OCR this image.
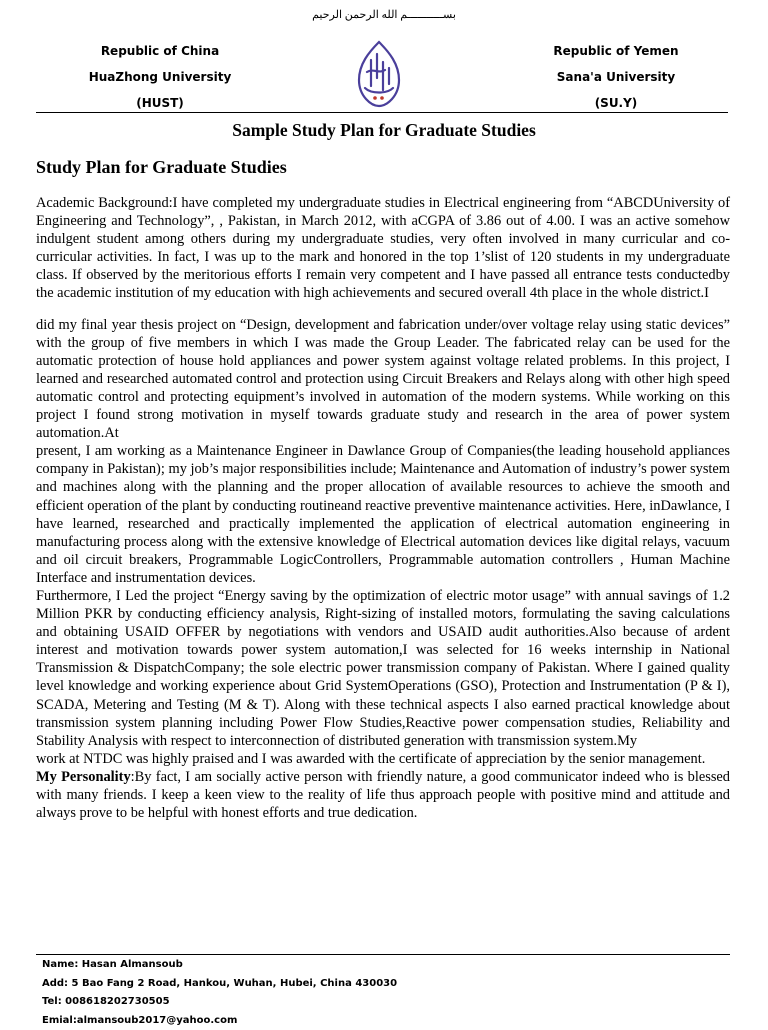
بســـــــــــم الله الرحمن الرحيم
Republic of China
HuaZhong University
(HUST)
Republic of Yemen
Sana'a University
(SU.Y)
Sample Study Plan for Graduate Studies
Study Plan for Graduate Studies

Academic Background:I have completed my undergraduate studies in Electrical engineering from “ABCDUniversity of Engineering and Technology”, , Pakistan, in March 2012, with aCGPA of 3.86 out of 4.00. I was an active somehow indulgent student among others during my undergraduate studies, very often involved in many curricular and co-curricular activities. In fact, I was up to the mark and honored in the top 1’slist of 120 students in my undergraduate class. If observed by the meritorious efforts I remain very competent and I have passed all entrance tests conductedby the academic institution of my education with high achievements and secured overall 4th place in the whole district.I

did my final year thesis project on “Design, development and fabrication under/over voltage relay using static devices” with the group of five members in which I was made the Group Leader. The fabricated relay can be used for the automatic protection of house hold appliances and power system against voltage related problems. In this project, I learned and researched automated control and protection using Circuit Breakers and Relays along with other high speed automatic control and protecting equipment’s involved in automation of the modern systems. While working on this project I found strong motivation in myself towards graduate study and research in the area of power system automation.At

present, I am working as a Maintenance Engineer in Dawlance Group of Companies(the leading household appliances company in Pakistan); my job’s major responsibilities include; Maintenance and Automation of industry’s power system and machines along with the planning and the proper allocation of available resources to achieve the smooth and efficient operation of the plant by conducting routineand reactive preventive maintenance activities. Here, inDawlance, I have learned, researched and practically implemented the application of electrical automation engineering in manufacturing process along with the extensive knowledge of Electrical automation devices like digital relays, vacuum and oil circuit breakers, Programmable LogicControllers, Programmable automation controllers , Human Machine Interface and instrumentation devices.

Furthermore, I Led the project “Energy saving by the optimization of electric motor usage” with annual savings of 1.2 Million PKR by conducting efficiency analysis, Right-sizing of installed motors, formulating the saving calculations and obtaining USAID OFFER by negotiations with vendors and USAID audit authorities.Also because of ardent interest and motivation towards power system automation,I was selected for 16 weeks internship in National Transmission & DispatchCompany; the sole electric power transmission company of Pakistan. Where I gained quality level knowledge and working experience about Grid SystemOperations (GSO), Protection and Instrumentation (P & I), SCADA, Metering and Testing (M & T). Along with these technical aspects I also earned practical knowledge about transmission system planning including Power Flow Studies,Reactive power compensation studies, Reliability and Stability Analysis with respect to interconnection of distributed generation with transmission system.My

work at NTDC was highly praised and I was awarded with the certificate of appreciation by the senior management.

My Personality:By fact, I am socially active person with friendly nature, a good communicator indeed who is blessed with many friends. I keep a keen view to the reality of life thus approach people with positive mind and attitude and always prove to be helpful with honest efforts and true dedication.

Name: Hasan Almansoub
Add: 5 Bao Fang 2 Road, Hankou, Wuhan, Hubei, China 430030
Tel: 008618202730505
Emial:almansoub2017@yahoo.com
